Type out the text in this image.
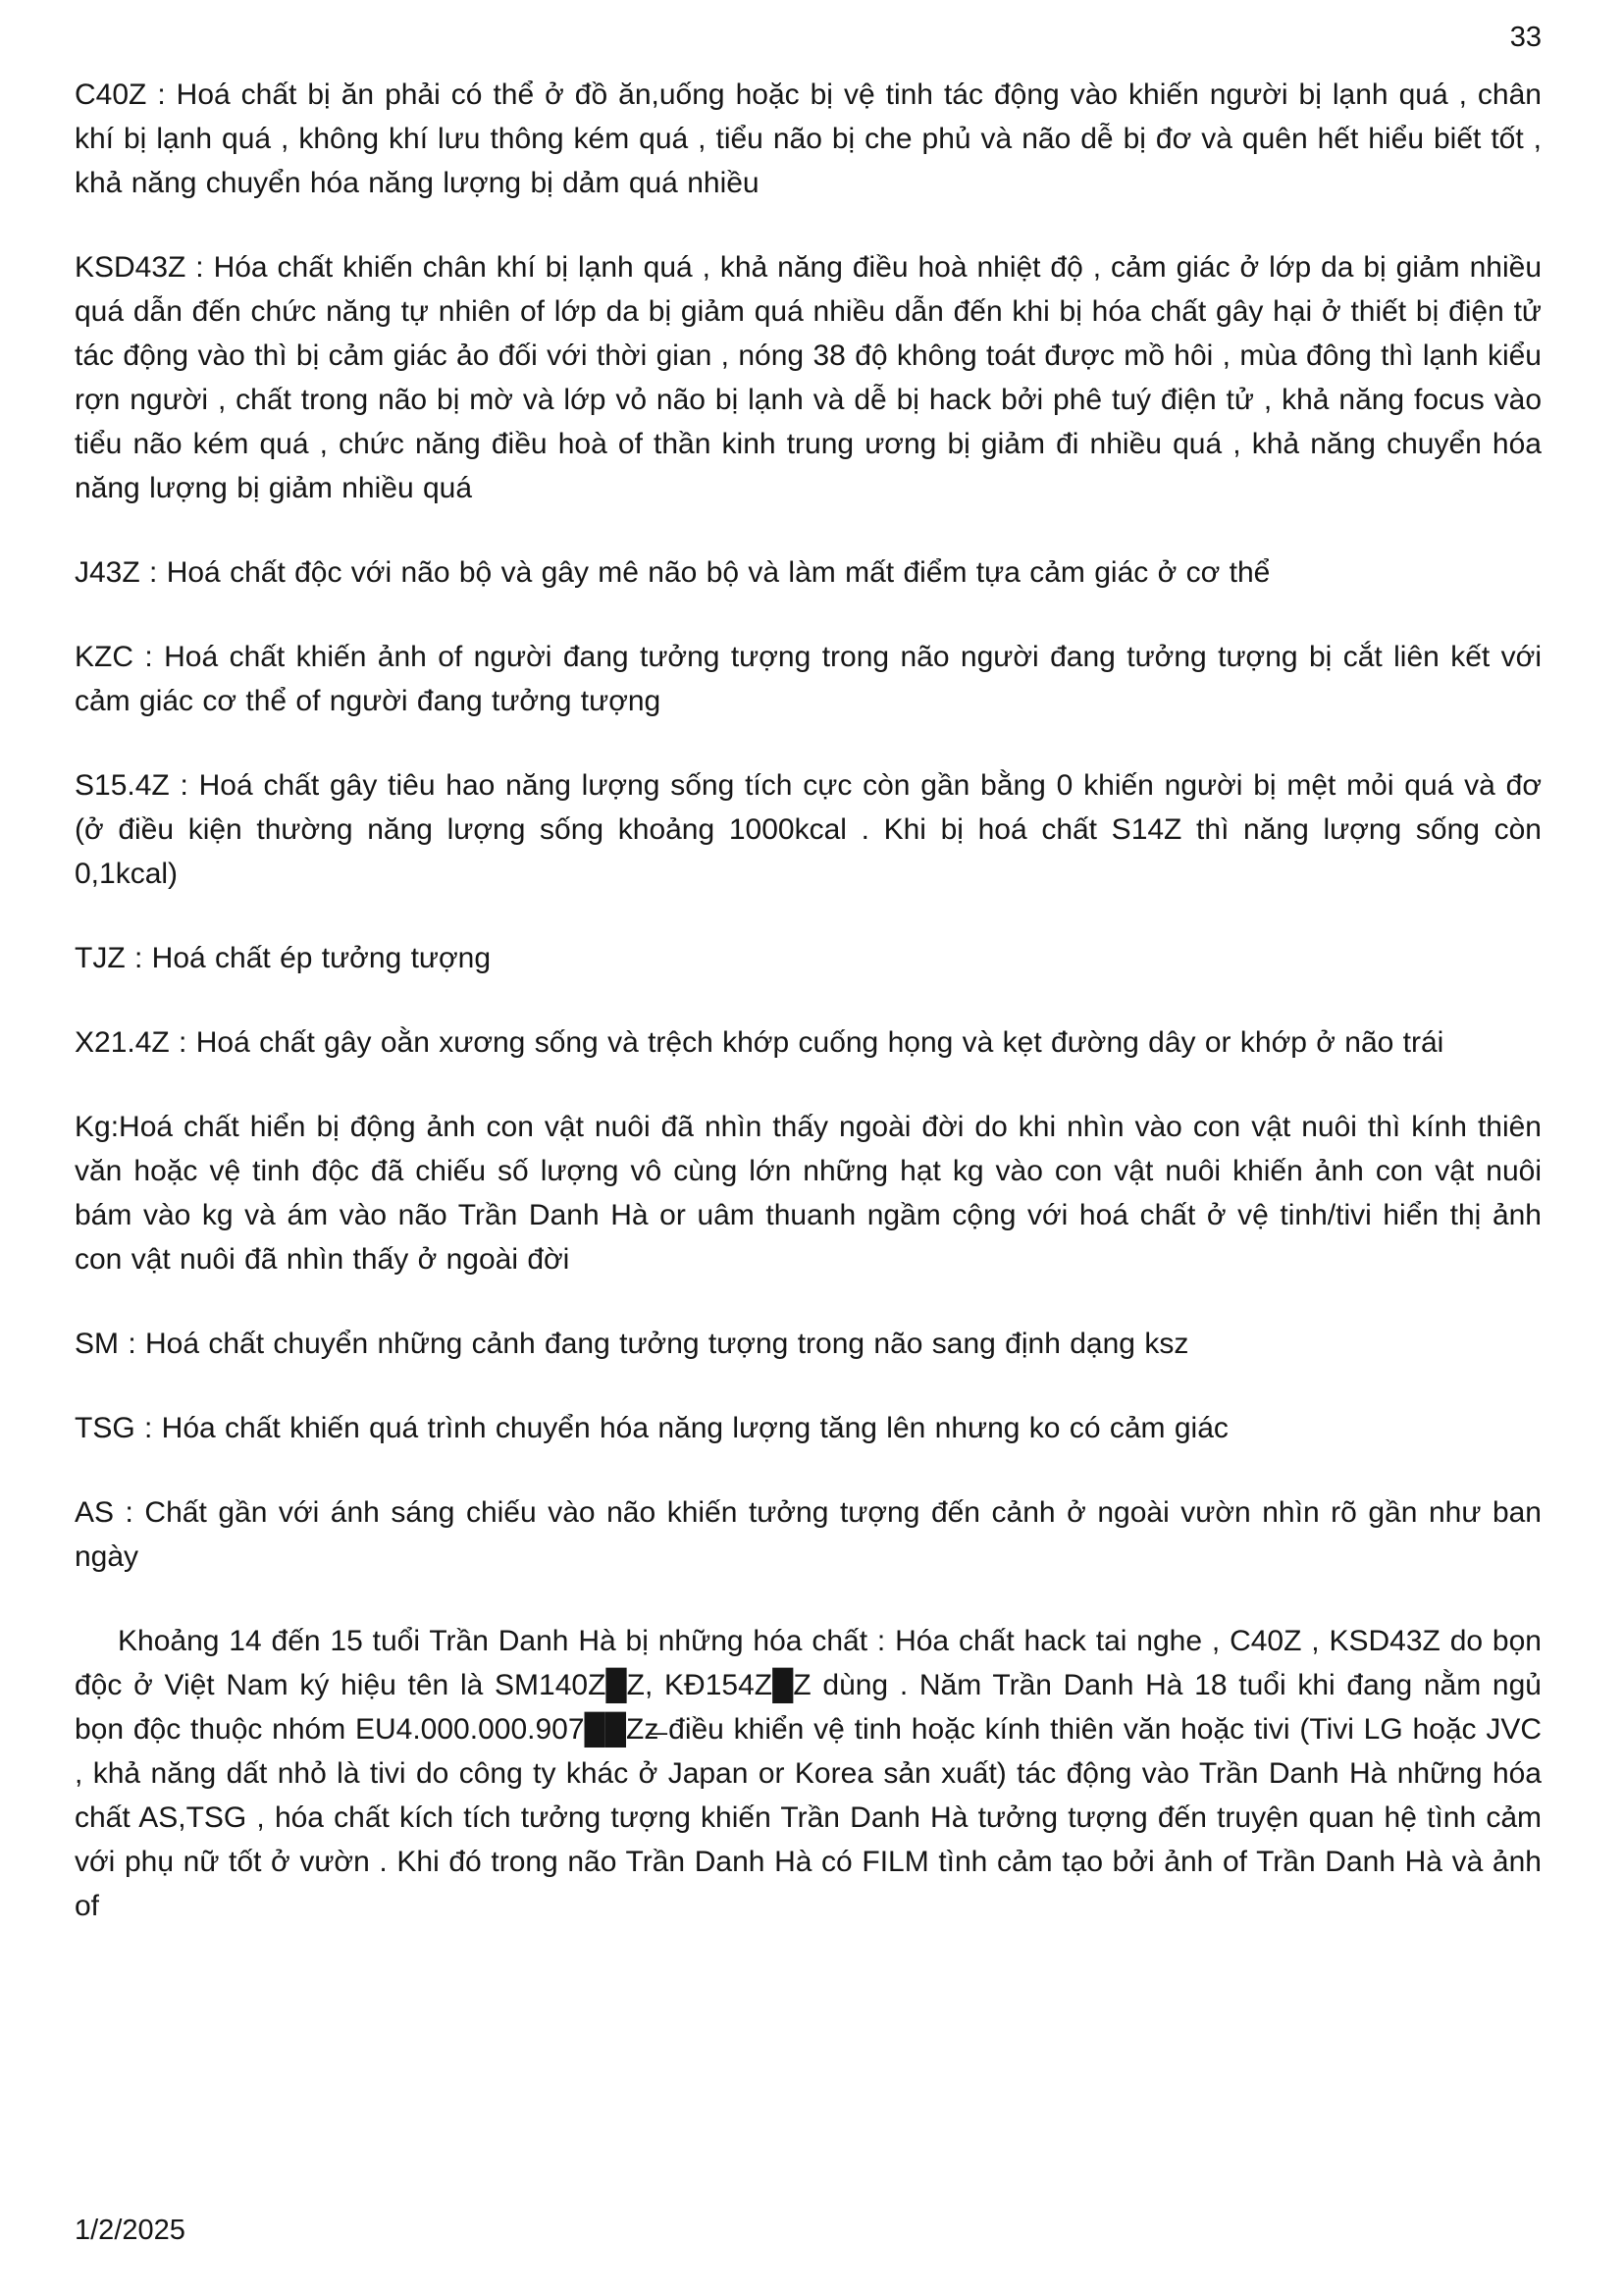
33

C40Z : Hoá chất bị ăn phải có thể ở đồ ăn,uống hoặc bị vệ tinh tác động vào khiến người bị lạnh quá , chân khí bị lạnh quá , không khí lưu thông kém quá , tiểu não bị che phủ và não dễ bị đơ và quên hết hiểu biết tốt , khả năng chuyển hóa năng lượng bị dảm quá nhiều

KSD43Z : Hóa chất khiến chân khí bị lạnh quá , khả năng điều hoà nhiệt độ , cảm giác ở lớp da bị giảm nhiều quá dẫn đến chức năng tự nhiên of lớp da bị giảm quá nhiều dẫn đến khi bị hóa chất gây hại ở thiết bị điện tử tác động vào thì bị cảm giác ảo đối với thời gian , nóng 38 độ không toát được mồ hôi , mùa đông thì lạnh kiểu rợn người , chất trong não bị mờ và lớp vỏ não bị lạnh và dễ bị hack bởi phê tuý điện tử , khả năng focus vào tiểu não kém quá , chức năng điều hoà of thần kinh trung ương bị giảm đi nhiều quá , khả năng chuyển hóa năng lượng bị giảm nhiều quá

J43Z : Hoá chất độc với não bộ và gây mê não bộ và làm mất điểm tựa cảm giác ở cơ thể

KZC : Hoá chất khiến ảnh of người đang tưởng tượng trong não người đang tưởng tượng bị cắt liên kết với cảm giác cơ thể of người đang tưởng tượng

S15.4Z : Hoá chất gây tiêu hao năng lượng sống tích cực còn gần bằng 0 khiến người bị mệt mỏi quá và đơ (ở điều kiện thường năng lượng sống khoảng 1000kcal . Khi bị hoá chất S14Z thì năng lượng sống còn 0,1kcal)

TJZ : Hoá chất ép tưởng tượng

X21.4Z : Hoá chất gây oằn xương sống và trệch khớp cuống họng và kẹt đường dây or khớp ở não trái

Kg:Hoá chất hiển bị động ảnh con vật nuôi đã nhìn thấy ngoài đời do khi nhìn vào con vật nuôi thì kính thiên văn hoặc vệ tinh độc đã chiếu số lượng vô cùng lớn những hạt kg vào con vật nuôi khiến ảnh con vật nuôi bám vào kg và ám vào não Trần Danh Hà or uâm thuanh ngầm cộng với hoá chất ở vệ tinh/tivi hiển thị ảnh con vật nuôi đã nhìn thấy ở ngoài đời

SM : Hoá chất chuyển những cảnh đang tưởng tượng trong não sang định dạng ksz

TSG : Hóa chất khiến quá trình chuyển hóa năng lượng tăng lên nhưng ko có cảm giác

AS : Chất gần với ánh sáng chiếu vào não khiến tưởng tượng đến cảnh ở ngoài vườn nhìn rõ gần như ban ngày

Khoảng 14 đến 15 tuổi Trần Danh Hà bị những hóa chất : Hóa chất hack tai nghe , C40Z , KSD43Z do bọn độc ở Việt Nam ký hiệu tên là SM140Z█Z, KĐ154Z█Z dùng . Năm Trần Danh Hà 18 tuổi khi đang nằm ngủ bọn độc thuộc nhóm EU4.000.000.907██Zz̶ điều khiển vệ tinh hoặc kính thiên văn hoặc tivi (Tivi LG hoặc JVC , khả năng dất nhỏ là tivi do công ty khác ở Japan or Korea sản xuất) tác động vào Trần Danh Hà những hóa chất AS,TSG , hóa chất kích tích tưởng tượng khiến Trần Danh Hà tưởng tượng đến truyện quan hệ tình cảm với phụ nữ tốt ở vườn . Khi đó trong não Trần Danh Hà có FILM tình cảm tạo bởi ảnh of Trần Danh Hà và ảnh of

1/2/2025
